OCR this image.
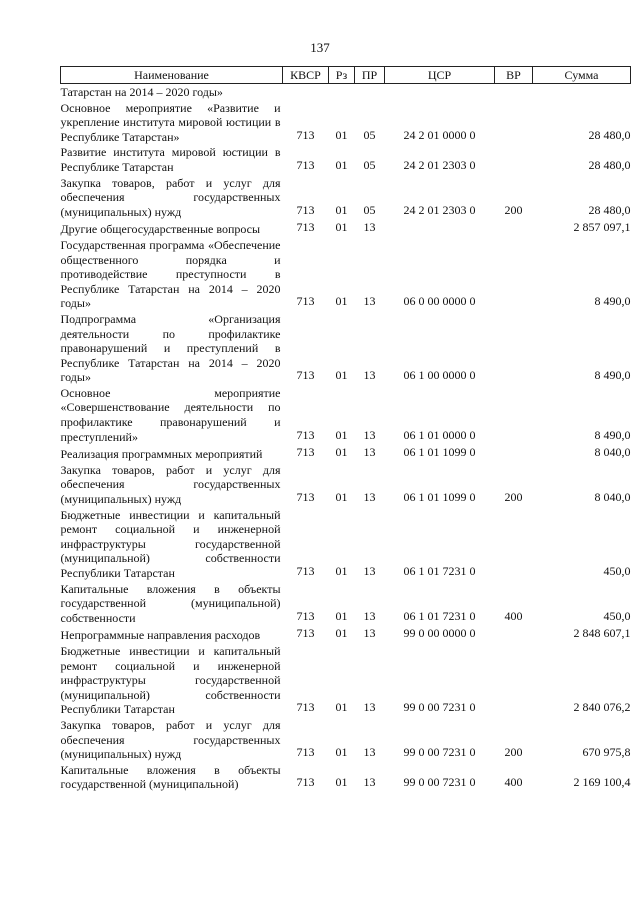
137
Наименование	КВСР	Рз	ПР	ЦСР	ВР	Сумма
Татарстан на 2014 – 2020 годы»						
Основное мероприятие «Развитие и укрепление института мировой юстиции в Республике Татарстан»	713	01	05	24 2 01 0000 0		28 480,0
Развитие института мировой юстиции в Республике Татарстан	713	01	05	24 2 01 2303 0		28 480,0
Закупка товаров, работ и услуг для обеспечения государственных (муниципальных) нужд	713	01	05	24 2 01 2303 0	200	28 480,0
Другие общегосударственные вопросы	713	01	13			2 857 097,1
Государственная программа «Обеспечение общественного порядка и противодействие преступности в Республике Татарстан на 2014 – 2020 годы»	713	01	13	06 0 00 0000 0		8 490,0
Подпрограмма «Организация деятельности по профилактике правонарушений и преступлений в Республике Татарстан на 2014 – 2020 годы»	713	01	13	06 1 00 0000 0		8 490,0
Основное мероприятие «Совершенствование деятельности по профилактике правонарушений и преступлений»	713	01	13	06 1 01 0000 0		8 490,0
Реализация программных мероприятий	713	01	13	06 1 01 1099 0		8 040,0
Закупка товаров, работ и услуг для обеспечения государственных (муниципальных) нужд	713	01	13	06 1 01 1099 0	200	8 040,0
Бюджетные инвестиции и капитальный ремонт социальной и инженерной инфраструктуры государственной (муниципальной) собственности Республики Татарстан	713	01	13	06 1 01 7231 0		450,0
Капитальные вложения в объекты государственной (муниципальной) собственности	713	01	13	06 1 01 7231 0	400	450,0
Непрограммные направления расходов	713	01	13	99 0 00 0000 0		2 848 607,1
Бюджетные инвестиции и капитальный ремонт социальной и инженерной инфраструктуры государственной (муниципальной) собственности Республики Татарстан	713	01	13	99 0 00 7231 0		2 840 076,2
Закупка товаров, работ и услуг для обеспечения государственных (муниципальных) нужд	713	01	13	99 0 00 7231 0	200	670 975,8
Капитальные вложения в объекты государственной (муниципальной)	713	01	13	99 0 00 7231 0	400	2 169 100,4
